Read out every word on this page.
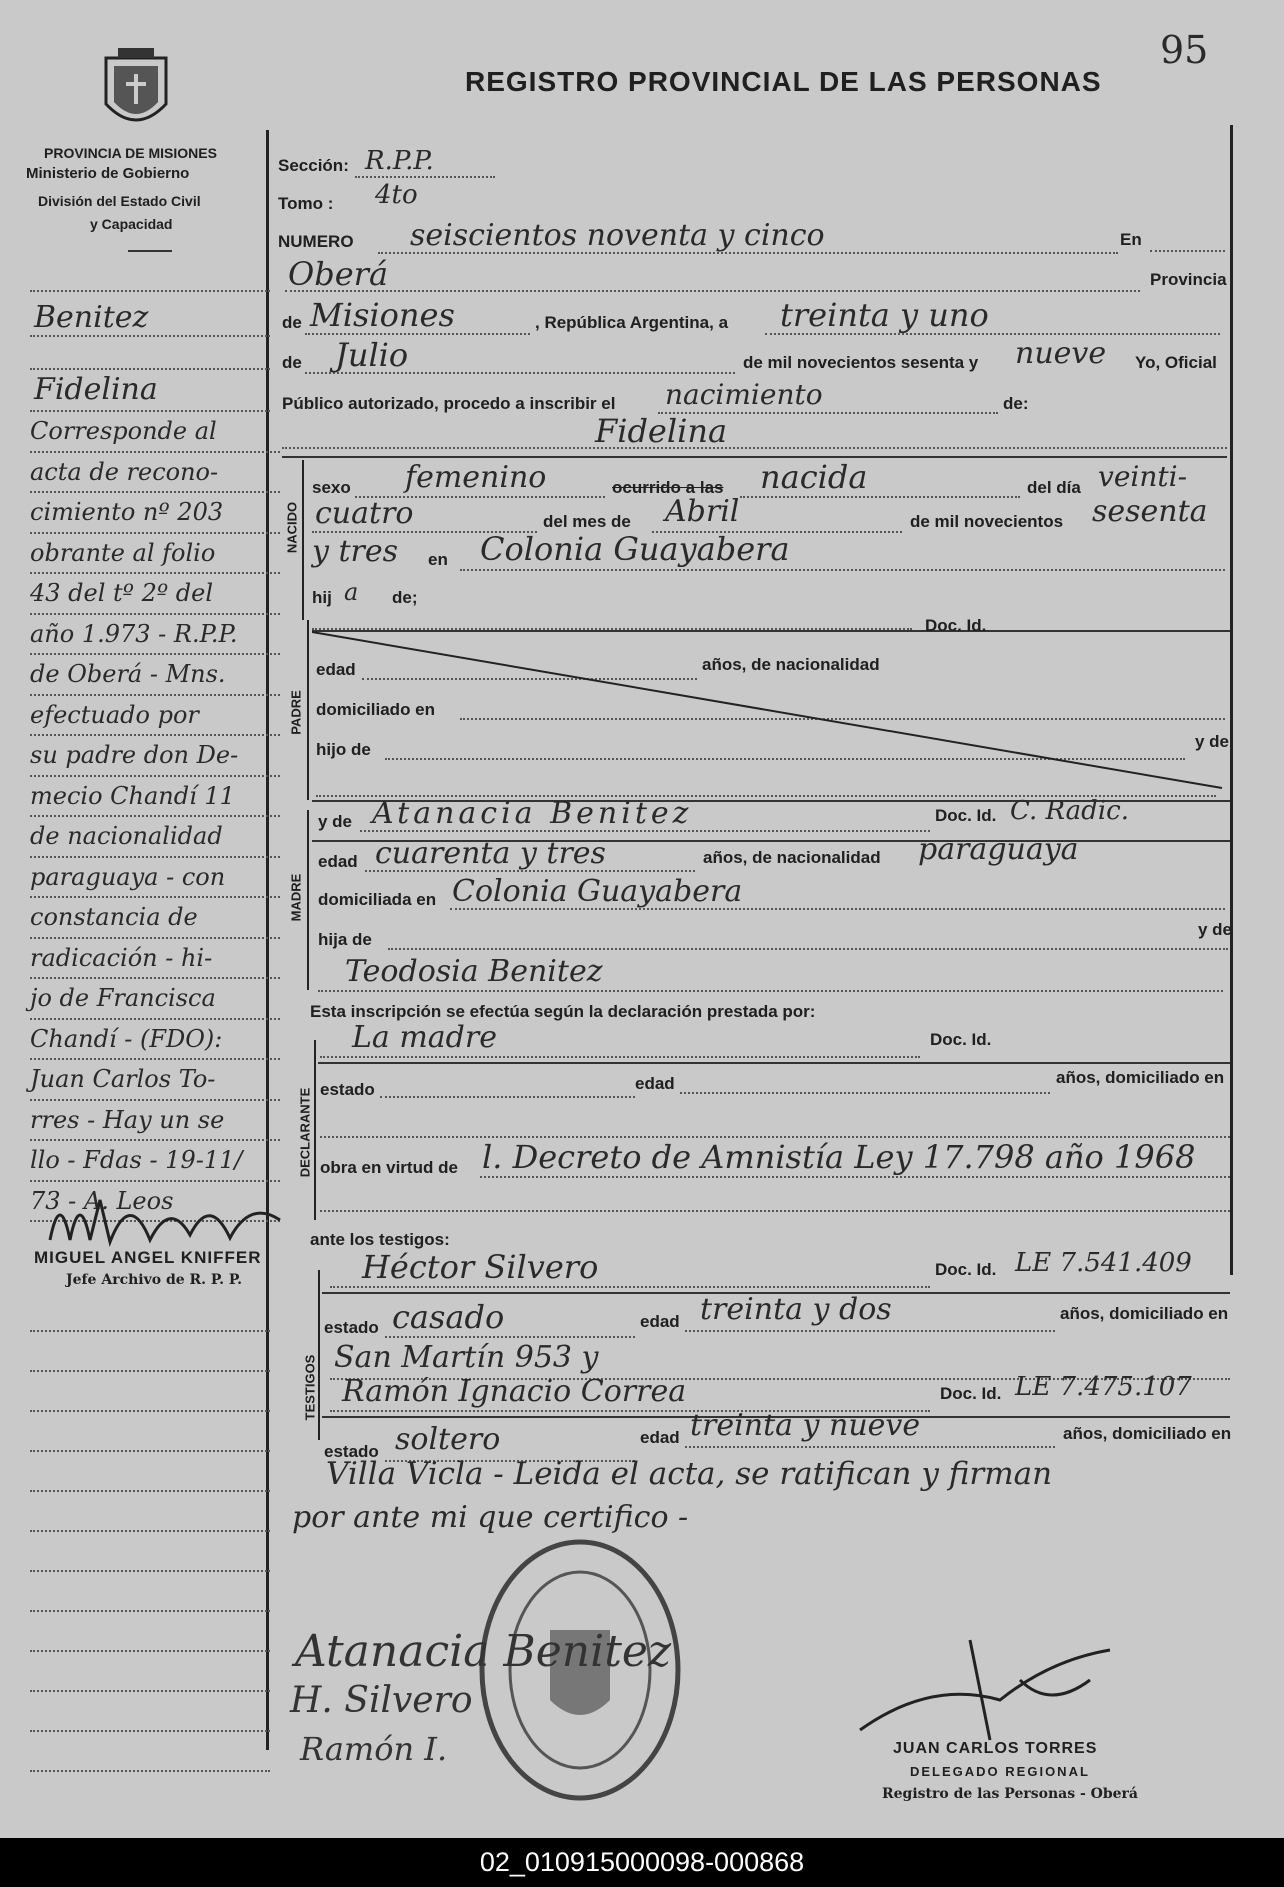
95
PROVINCIA DE MISIONES
Ministerio de Gobierno
División del Estado Civil
y Capacidad
REGISTRO PROVINCIAL DE LAS PERSONAS
NACIDO
PADRE
MADRE
DECLARANTE
TESTIGOS
Benitez
Fidelina
Corresponde al
acta de recono-
cimiento nº 203
obrante al folio
43 del tº 2º del
año 1.973 - R.P.P.
de Oberá - Mns.
efectuado por
su padre don De-
mecio Chandí 11
de nacionalidad
paraguaya - con
constancia de
radicación - hi-
jo de Francisca
Chandí - (FDO):
Juan Carlos To-
rres - Hay un se
llo - Fdas - 19-11/
73 - A. Leos
MIGUEL ANGEL KNIFFER
Jefe Archivo de R. P. P.
Sección: R.P.P.
Tomo : 4to
NUMERO seiscientos noventa y cinco	En
Oberá	Provincia
de Misiones	, República Argentina, a treinta y uno
de Julio	de mil novecientos sesenta y nueve Yo, Oficial
Público autorizado, procedo a inscribir el nacimiento	de:
Fidelina
sexo femenino	ocurrido a las nacida	del día veinti-
cuatro	del mes de Abril	de mil novecientos sesenta
y tres en Colonia Guayabera
hij a de;
Doc. Id.
edad	años, de nacionalidad
domiciliado en
hijo de	y de
y de Atanacia Benitez	Doc. Id. C. Radic.
edad cuarenta y tres	años, de nacionalidad paraguaya
domiciliada en Colonia Guayabera
hija de
y de
Teodosia Benitez
Esta inscripción se efectúa según la declaración prestada por:
La madre	Doc. Id.
estado	edad	años, domiciliado en
obra en virtud de l. Decreto de Amnistía Ley 17.798 año 1968
ante los testigos:
Héctor Silvero	Doc. Id. LE 7.541.409
estado casado	edad treinta y dos	años, domiciliado en
San Martín 953 y
Ramón Ignacio Correa	Doc. Id. LE 7.475.107
estado soltero	edad treinta y nueve	años, domiciliado en
Villa Vicla - Leida el acta, se ratifican y firman
por ante mi que certifico -
Atanacia Benitez
H. Silvero
Ramón I.	JUAN CARLOS TORRES
DELEGADO REGIONAL
Registro de las Personas - Oberá
02_010915000098-000868
